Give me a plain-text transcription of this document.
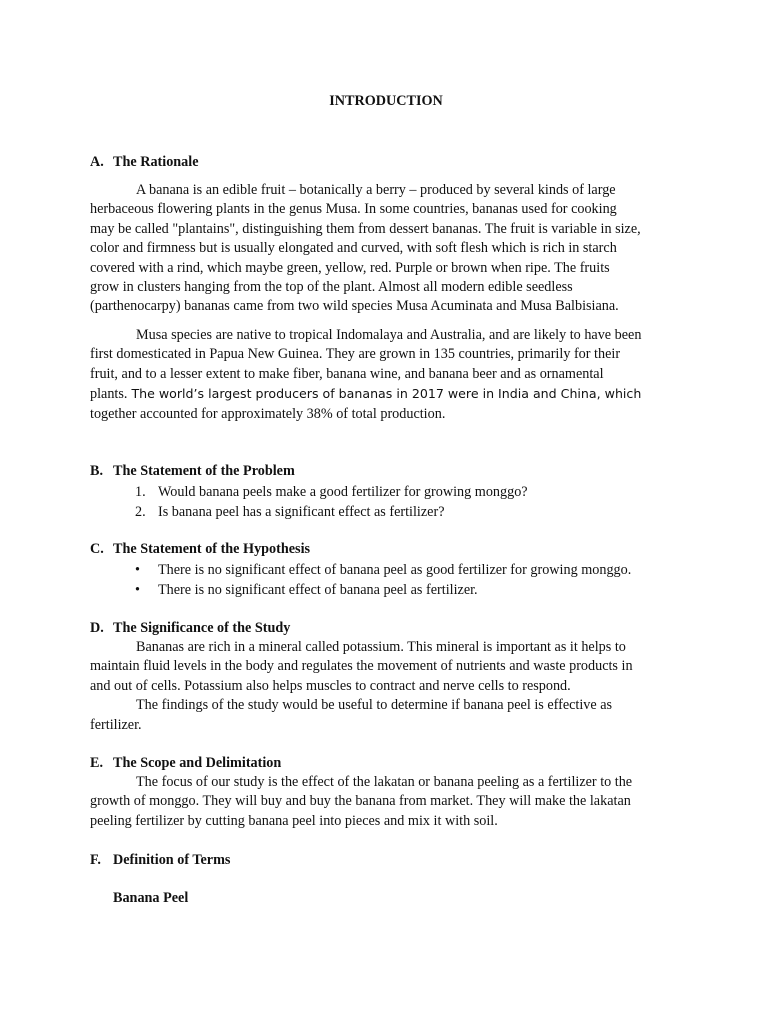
INTRODUCTION
A. The Rationale
A banana is an edible fruit – botanically a berry – produced by several kinds of large
herbaceous flowering plants in the genus Musa. In some countries, bananas used for cooking
may be called "plantains", distinguishing them from dessert bananas. The fruit is variable in size,
color and firmness but is usually elongated and curved, with soft flesh which is rich in starch
covered with a rind, which maybe green, yellow, red. Purple or brown when ripe. The fruits
grow in clusters hanging from the top of the plant. Almost all modern edible seedless
(parthenocarpy) bananas came from two wild species Musa Acuminata and Musa Balbisiana.
Musa species are native to tropical Indomalaya and Australia, and are likely to have been
first domesticated in Papua New Guinea. They are grown in 135 countries, primarily for their
fruit, and to a lesser extent to make fiber, banana wine, and banana beer and as ornamental
plants. The world’s largest producers of bananas in 2017 were in India and China, which
together accounted for approximately 38% of total production.
B. The Statement of the Problem
1. Would banana peels make a good fertilizer for growing monggo?
2. Is banana peel has a significant effect as fertilizer?
C. The Statement of the Hypothesis
• There is no significant effect of banana peel as good fertilizer for growing monggo.
• There is no significant effect of banana peel as fertilizer.
D. The Significance of the Study
Bananas are rich in a mineral called potassium. This mineral is important as it helps to
maintain fluid levels in the body and regulates the movement of nutrients and waste products in
and out of cells. Potassium also helps muscles to contract and nerve cells to respond.
The findings of the study would be useful to determine if banana peel is effective as
fertilizer.
E. The Scope and Delimitation
The focus of our study is the effect of the lakatan or banana peeling as a fertilizer to the
growth of monggo. They will buy and buy the banana from market. They will make the lakatan
peeling fertilizer by cutting banana peel into pieces and mix it with soil.
F. Definition of Terms
Banana Peel
